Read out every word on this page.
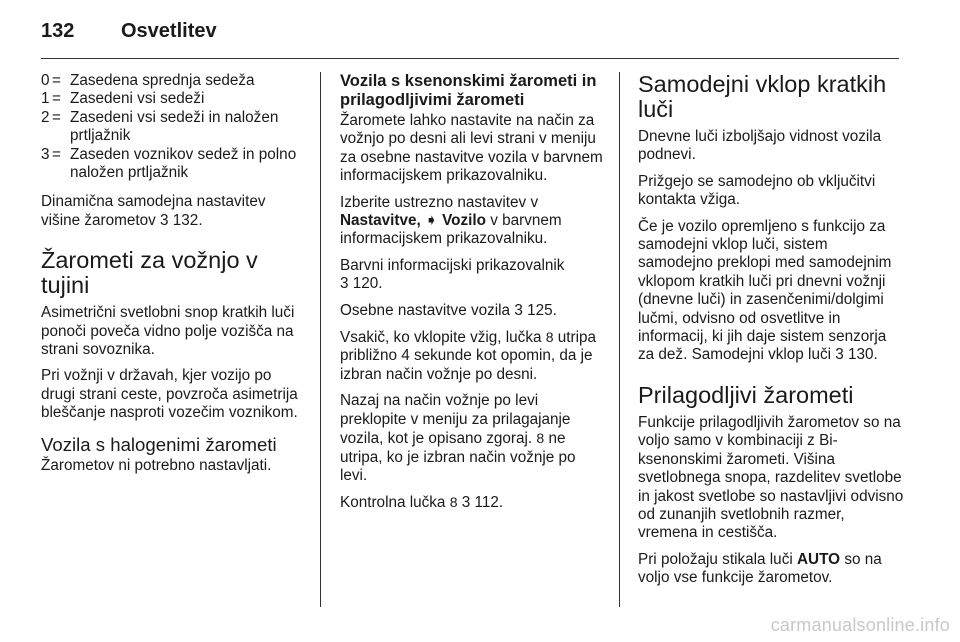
132	Osvetlitev
0 = Zasedena sprednja sedeža
1 = Zasedeni vsi sedeži
2 = Zasedeni vsi sedeži in naložen prtljažnik
3 = Zaseden voznikov sedež in polno naložen prtljažnik

Dinamična samodejna nastavitev višine žarometov 3 132.

Žarometi za vožnjo v tujini

Asimetrični svetlobni snop kratkih luči ponoči poveča vidno polje vozišča na strani sovoznika.

Pri vožnji v državah, kjer vozijo po drugi strani ceste, povzroča asimetrija bleščanje nasproti vozečim voznikom.

Vozila s halogenimi žarometi

Žarometov ni potrebno nastavljati.

Vozila s ksenonskimi žarometi in prilagodljivimi žarometi

Žaromete lahko nastavite na način za vožnjo po desni ali levi strani v meniju za osebne nastavitve vozila v barvnem informacijskem prikazovalniku.

Izberite ustrezno nastavitev v
Nastavitve, ➧ Vozilo v barvnem informacijskem prikazovalniku.

Barvni informacijski prikazovalnik
3 120.

Osebne nastavitve vozila 3 125.

Vsakič, ko vklopite vžig, lučka 8 utripa približno 4 sekunde kot opomin, da je izbran način vožnje po desni.

Nazaj na način vožnje po levi preklopite v meniju za prilagajanje vozila, kot je opisano zgoraj. 8 ne utripa, ko je izbran način vožnje po levi.

Kontrolna lučka 8 3 112.

Samodejni vklop kratkih luči

Dnevne luči izboljšajo vidnost vozila podnevi.

Prižgejo se samodejno ob vključitvi kontakta vžiga.

Če je vozilo opremljeno s funkcijo za samodejni vklop luči, sistem samodejno preklopi med samodejnim vklopom kratkih luči pri dnevni vožnji (dnevne luči) in zasenčenimi/dolgimi lučmi, odvisno od osvetlitve in informacij, ki jih daje sistem senzorja za dež. Samodejni vklop luči 3 130.

Prilagodljivi žarometi

Funkcije prilagodljivih žarometov so na voljo samo v kombinaciji z Bi-ksenonskimi žarometi. Višina svetlobnega snopa, razdelitev svetlobe in jakost svetlobe so nastavljivi odvisno od zunanjih svetlobnih razmer, vremena in cestišča.

Pri položaju stikala luči AUTO so na voljo vse funkcije žarometov.

carmanualsonline.info
